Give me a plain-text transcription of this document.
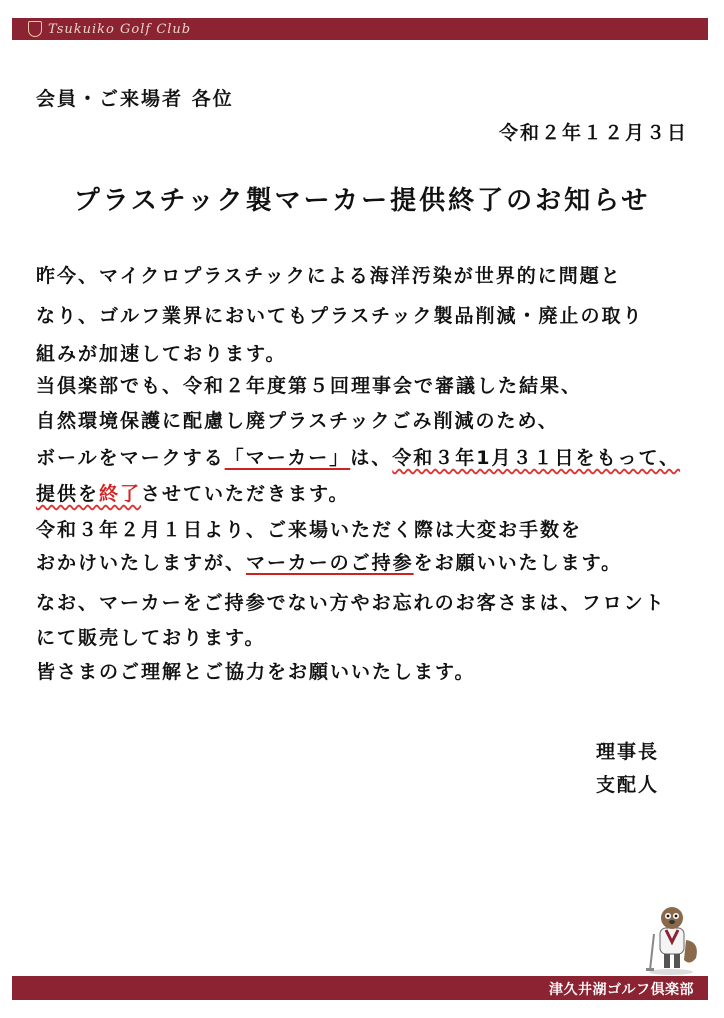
Tsukuiko Golf Club
会員・ご来場者 各位
令和２年１２月３日
プラスチック製マーカー提供終了のお知らせ
昨今、マイクロプラスチックによる海洋汚染が世界的に問題と
なり、ゴルフ業界においてもプラスチック製品削減・廃止の取り
組みが加速しております。
当倶楽部でも、令和２年度第５回理事会で審議した結果、
自然環境保護に配慮し廃プラスチックごみ削減のため、
ボールをマークする「マーカー」は、令和３年1月３１日をもって、
提供を終了させていただきます。
令和３年２月１日より、ご来場いただく際は大変お手数を
おかけいたしますが、マーカーのご持参をお願いいたします。
なお、マーカーをご持参でない方やお忘れのお客さまは、フロント
にて販売しております。
皆さまのご理解とご協力をお願いいたします。
理事長
支配人
津久井湖ゴルフ倶楽部
